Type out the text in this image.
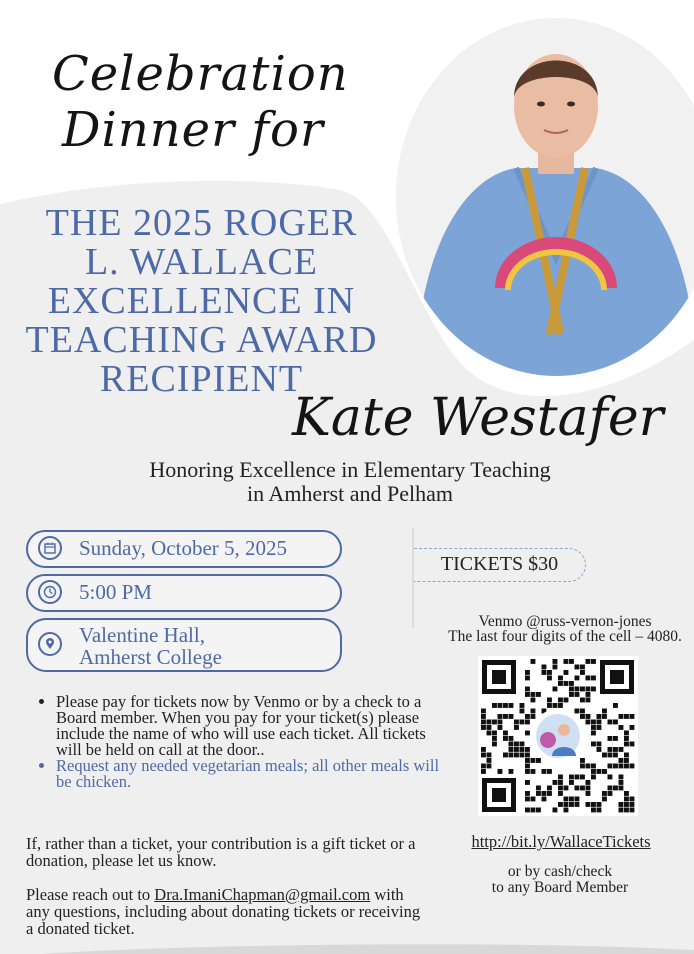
Celebration
Dinner for
THE 2025 ROGER
L. WALLACE
EXCELLENCE IN
TEACHING AWARD
RECIPIENT
Kate Westafer
Honoring Excellence in Elementary Teaching
in Amherst and Pelham
Sunday, October 5, 2025
5:00 PM
Valentine Hall,
Amherst College
• Please pay for tickets now by Venmo or by a check to a Board member. When you pay for your ticket(s) please include the name of who will use each ticket. All tickets will be held on call at the door..
• Request any needed vegetarian meals; all other meals will be chicken.
If, rather than a ticket, your contribution is a gift ticket or a donation, please let us know.
Please reach out to Dra.ImaniChapman@gmail.com with any questions, including about donating tickets or receiving a donated ticket.
TICKETS $30
Venmo @russ-vernon-jones
The last four digits of the cell – 4080.
http://bit.ly/WallaceTickets
or by cash/check
to any Board Member
